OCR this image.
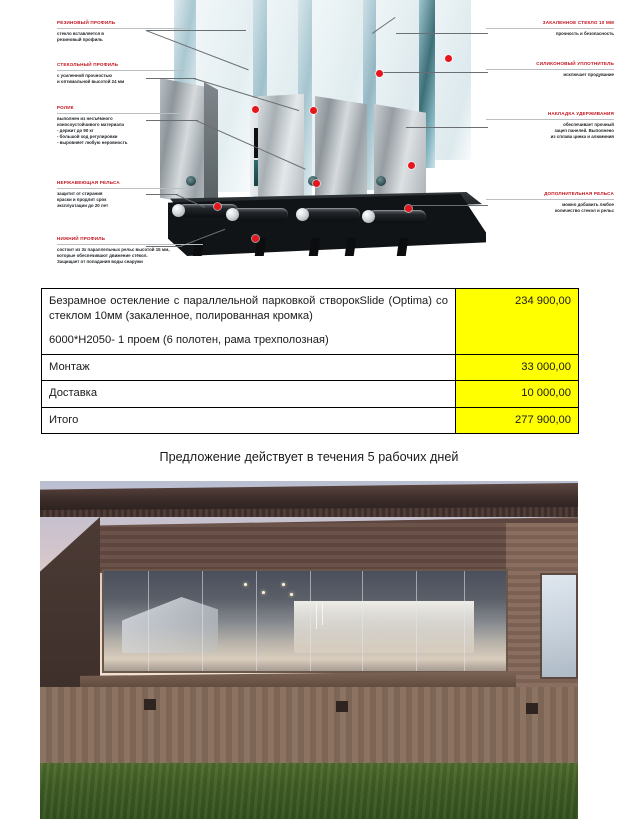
РЕЗИНОВЫЙ ПРОФИЛЬ
стекло вставляется в
резиновый профиль
СТЕКОЛЬНЫЙ ПРОФИЛЬ
с усиленной прочностью
и оптимальной высотой 24 мм
РОЛИК
выполнен из несъёмного
износоустойчивого материала
- держит до 90 кг
- большой ход регулировки
- выровняет любую неровность
НЕРЖАВЕЮЩАЯ РЕЛЬСА
защитит от стирания
краски и продлит срок
эксплуатации до 20 лет
НИЖНИЙ ПРОФИЛЬ
состоит из 3х параллельных рельс высотой 15 мм,
которые обеспечивают движение стёкол.
Защищает от попадания воды снаружи
ЗАКАЛЕННОЕ СТЕКЛО 10 ММ
прочность и безопасность
СИЛИКОНОВЫЙ УПЛОТНИТЕЛЬ
исключает продувание
НАКЛАДКА УДЕРЖИВАНИЯ
обеспечивает прочный
зацеп панелей. Выполнено
из сплава цинка и алюминия
ДОПОЛНИТЕЛЬНАЯ РЕЛЬСА
можно добавить любое
количество стекол и рельс
Безрамное остекление с параллельной парковкой створокSlide (Optima) со стеклом 10мм (закаленное, полированная кромка)
6000*H2050- 1 проем (6 полотен, рама трехполозная)	234 900,00
Монтаж	33 000,00
Доставка	10 000,00
Итого	277 900,00
Предложение действует в течения 5 рабочих дней
